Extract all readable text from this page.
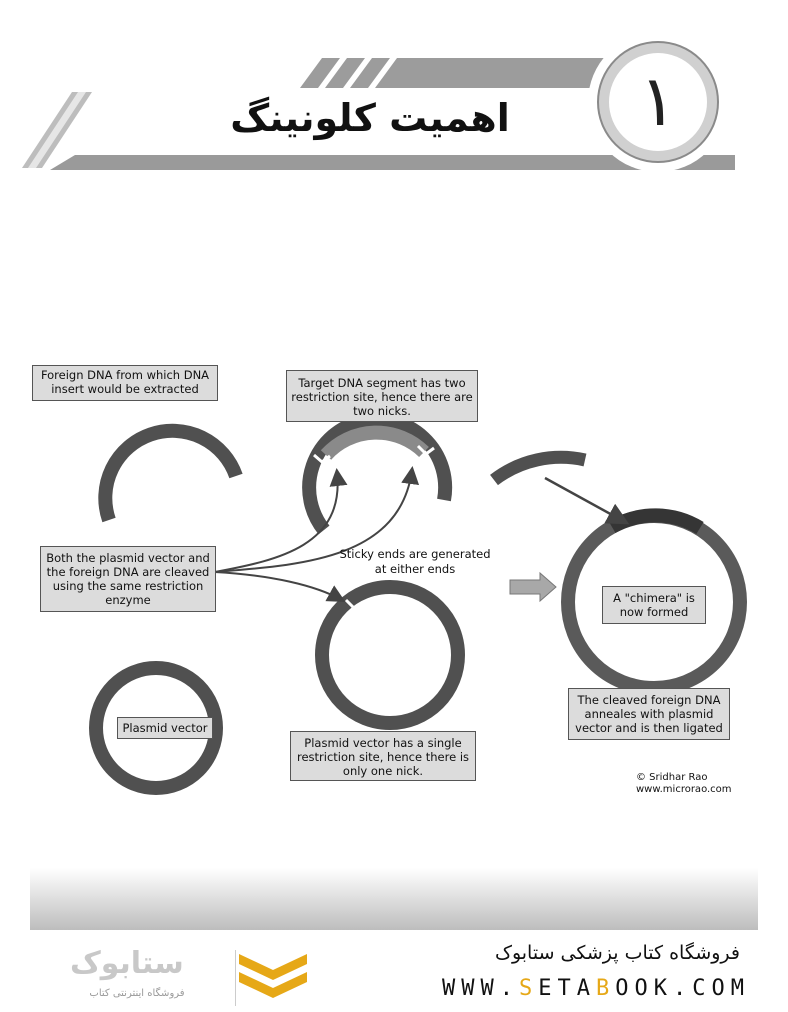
١
اهمیت کلونینگ
Foreign DNA from which DNA insert would be extracted	Target DNA segment has two restriction site, hence there are two nicks.
Both the plasmid vector and the foreign DNA are cleaved using the same restriction enzyme
Sticky ends are generated at either ends
A "chimera" is now formed
Plasmid vector
Plasmid vector has a single restriction site, hence there is only one nick.
The cleaved foreign DNA anneales with plasmid vector and is then ligated
© Sridhar Rao
www.microrao.com
ستابوک
فروشگاه اینترنتی کتاب
فروشگاه کتاب پزشکی ستابوک
WWW.SETABOOK.COM
